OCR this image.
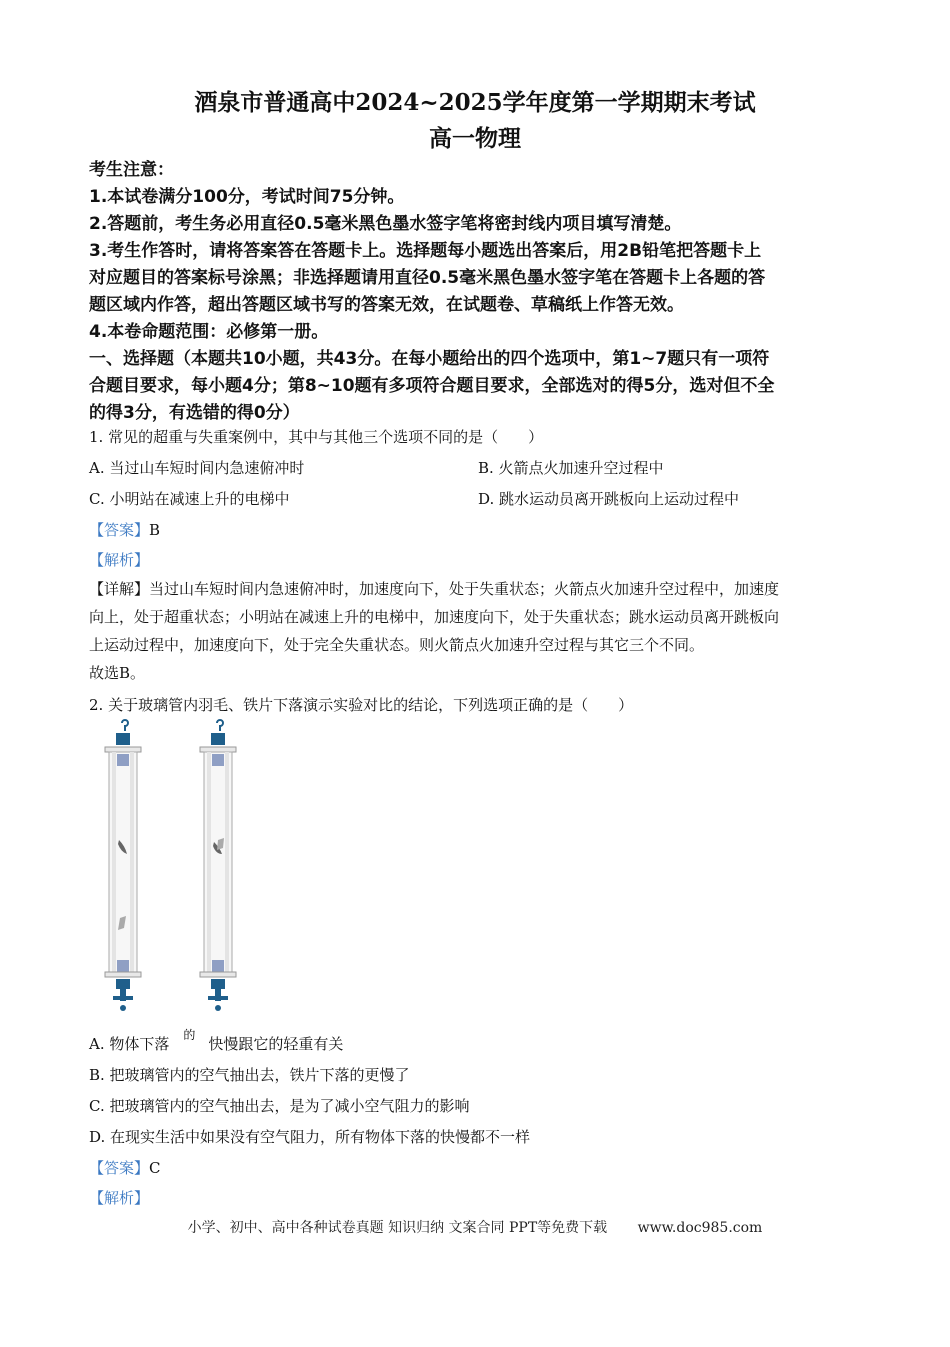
酒泉市普通高中2024~2025学年度第一学期期末考试
高一物理
考生注意：
1.本试卷满分100分，考试时间75分钟。
2.答题前，考生务必用直径0.5毫米黑色墨水签字笔将密封线内项目填写清楚。
3.考生作答时，请将答案答在答题卡上。选择题每小题选出答案后，用2B铅笔把答题卡上
对应题目的答案标号涂黑；非选择题请用直径0.5毫米黑色墨水签字笔在答题卡上各题的答
题区域内作答，超出答题区域书写的答案无效，在试题卷、草稿纸上作答无效。
4.本卷命题范围：必修第一册。
一、选择题（本题共10小题，共43分。在每小题给出的四个选项中，第1~7题只有一项符
合题目要求，每小题4分；第8~10题有多项符合题目要求，全部选对的得5分，选对但不全
的得3分，有选错的得0分）
1. 常见的超重与失重案例中，其中与其他三个选项不同的是（　　）
A. 当过山车短时间内急速俯冲时	B. 火箭点火加速升空过程中
C. 小明站在减速上升的电梯中	D. 跳水运动员离开跳板向上运动过程中
【答案】B
【解析】
【详解】当过山车短时间内急速俯冲时，加速度向下，处于失重状态；火箭点火加速升空过程中，加速度
向上，处于超重状态；小明站在减速上升的电梯中，加速度向下，处于失重状态；跳水运动员离开跳板向
上运动过程中，加速度向下，处于完全失重状态。则火箭点火加速升空过程与其它三个不同。
故选B。
2. 关于玻璃管内羽毛、铁片下落演示实验对比的结论，下列选项正确的是（　　）
A. 物体下落 $^的$ 快慢跟它的轻重有关
B. 把玻璃管内的空气抽出去，铁片下落的更慢了
C. 把玻璃管内的空气抽出去，是为了减小空气阻力的影响
D. 在现实生活中如果没有空气阻力，所有物体下落的快慢都不一样
【答案】C
【解析】
小学、初中、高中各种试卷真题 知识归纳 文案合同 PPT等免费下载 www.doc985.com
